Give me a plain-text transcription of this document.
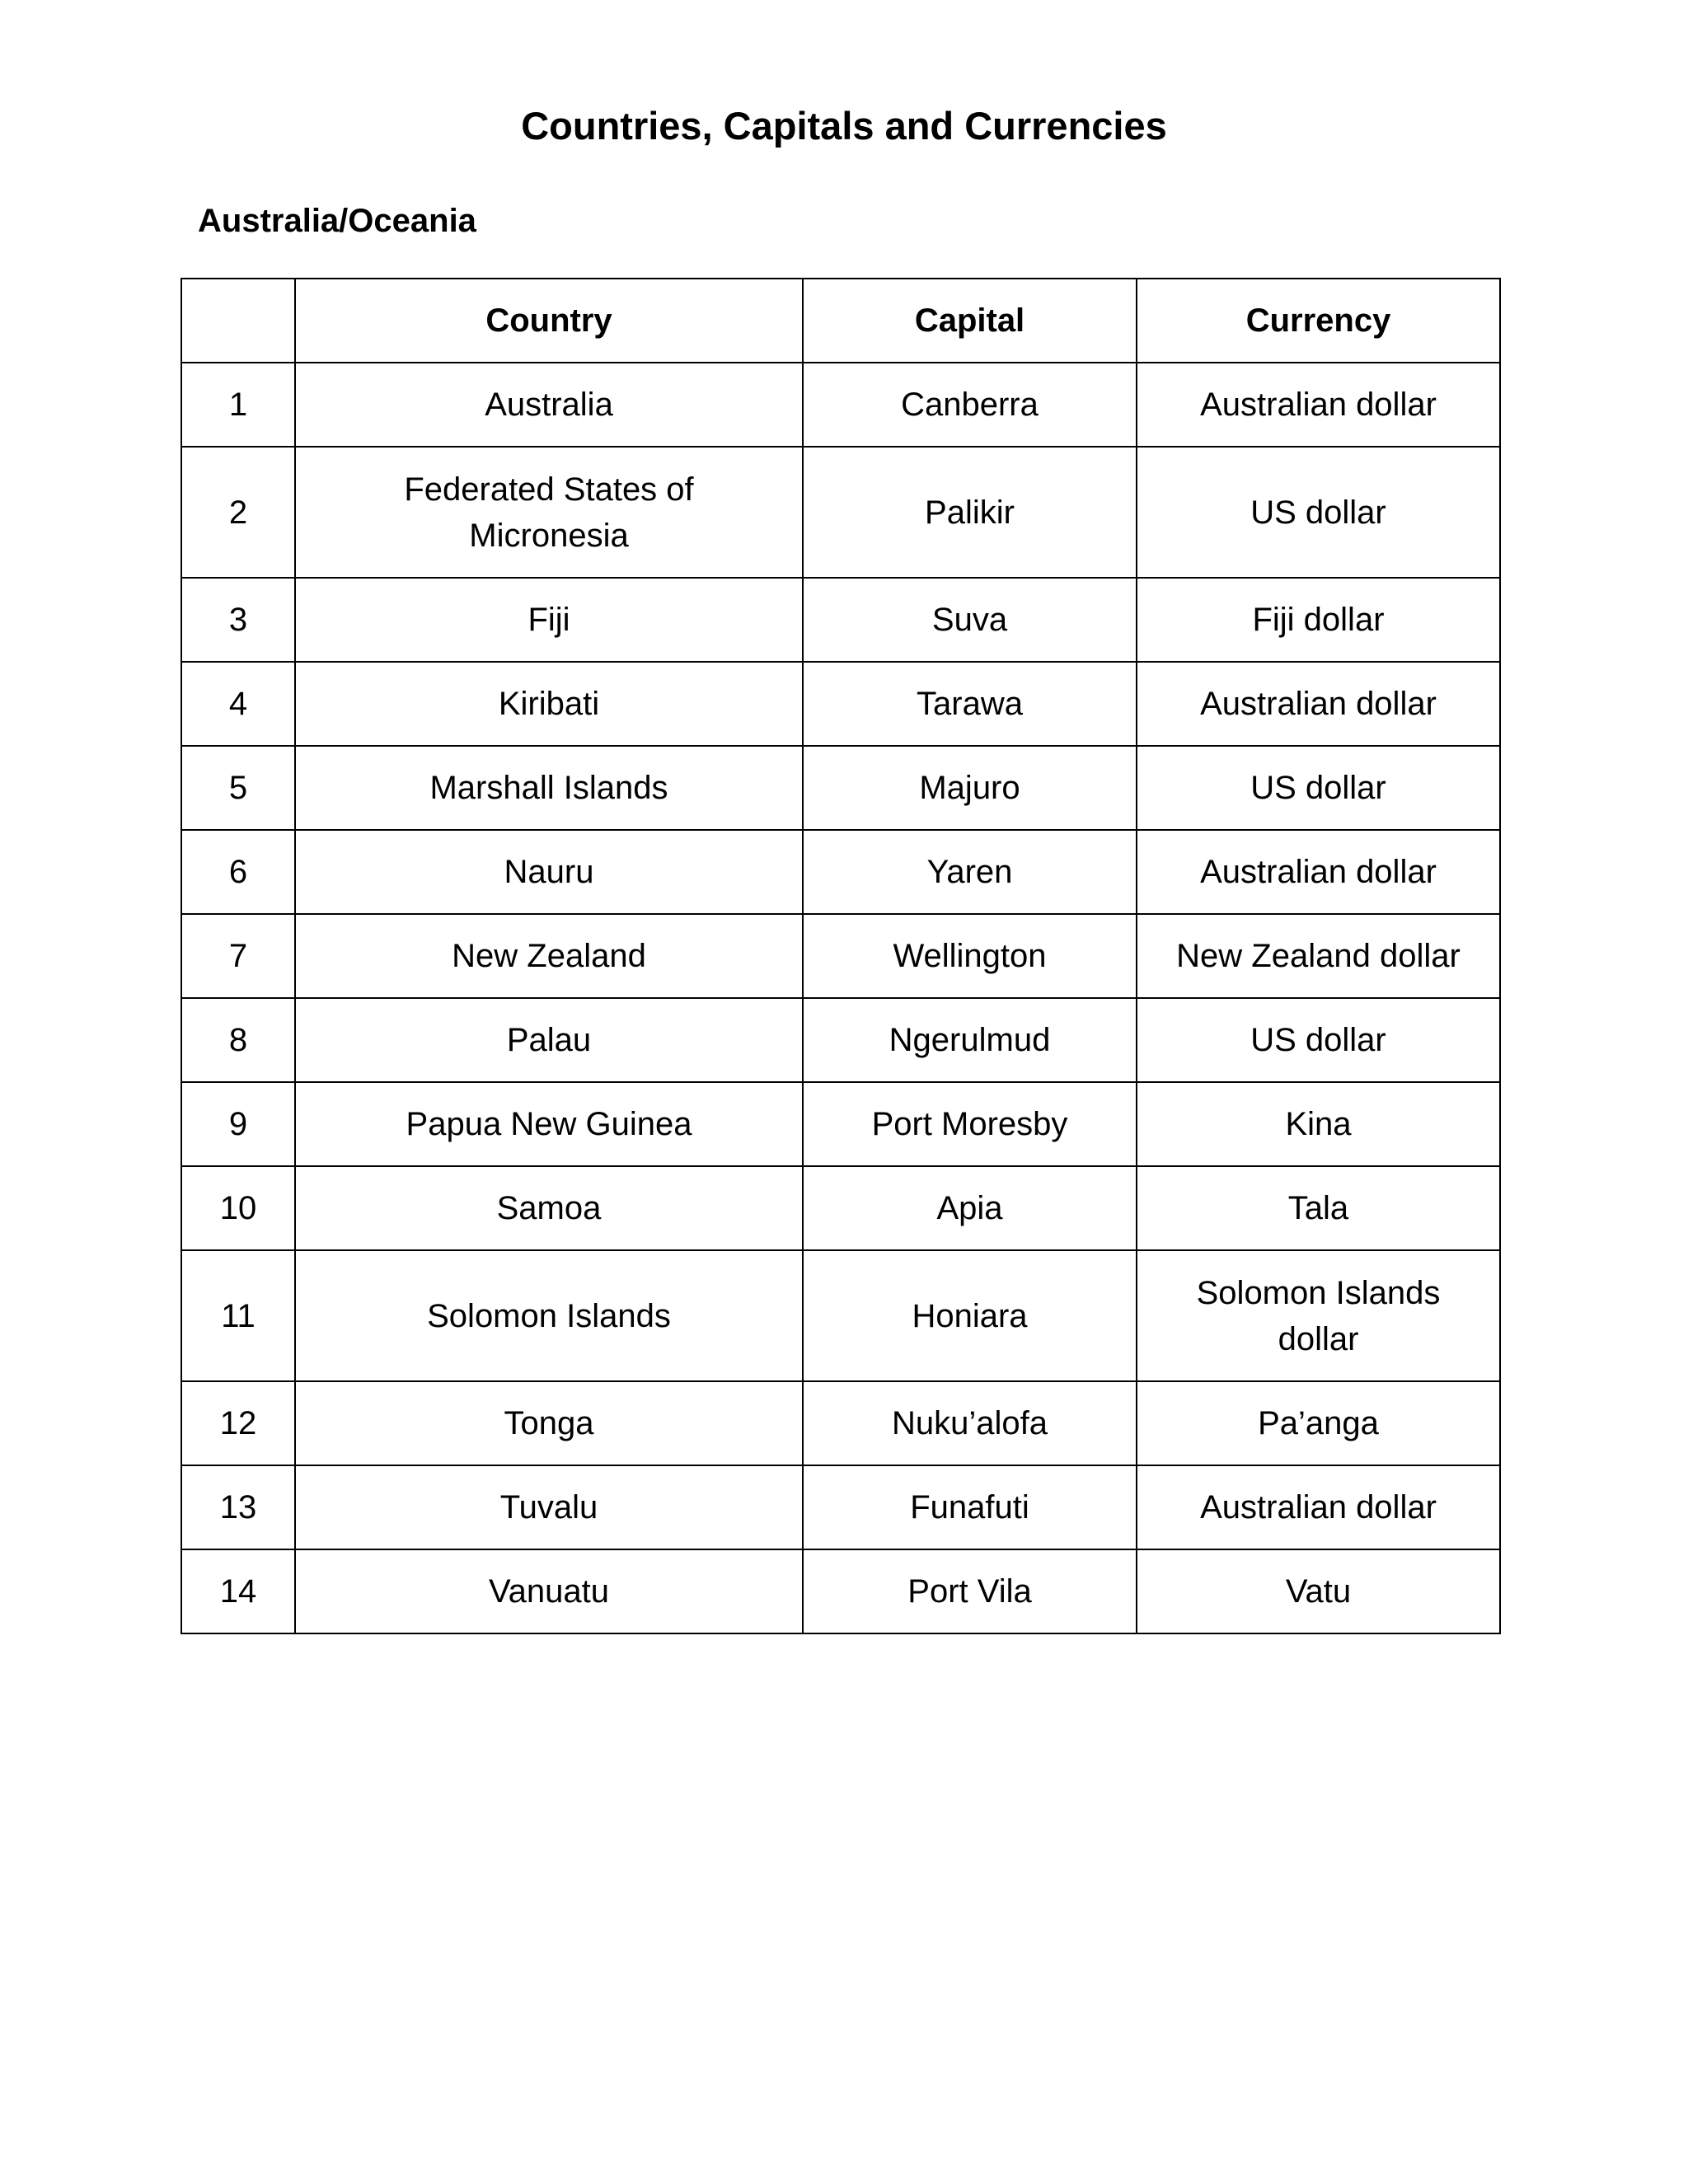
Countries, Capitals and Currencies
Australia/Oceania
	Country	Capital	Currency
1	Australia	Canberra	Australian dollar
2	Federated States of Micronesia	Palikir	US dollar
3	Fiji	Suva	Fiji dollar
4	Kiribati	Tarawa	Australian dollar
5	Marshall Islands	Majuro	US dollar
6	Nauru	Yaren	Australian dollar
7	New Zealand	Wellington	New Zealand dollar
8	Palau	Ngerulmud	US dollar
9	Papua New Guinea	Port Moresby	Kina
10	Samoa	Apia	Tala
11	Solomon Islands	Honiara	Solomon Islands dollar
12	Tonga	Nuku’alofa	Pa’anga
13	Tuvalu	Funafuti	Australian dollar
14	Vanuatu	Port Vila	Vatu
